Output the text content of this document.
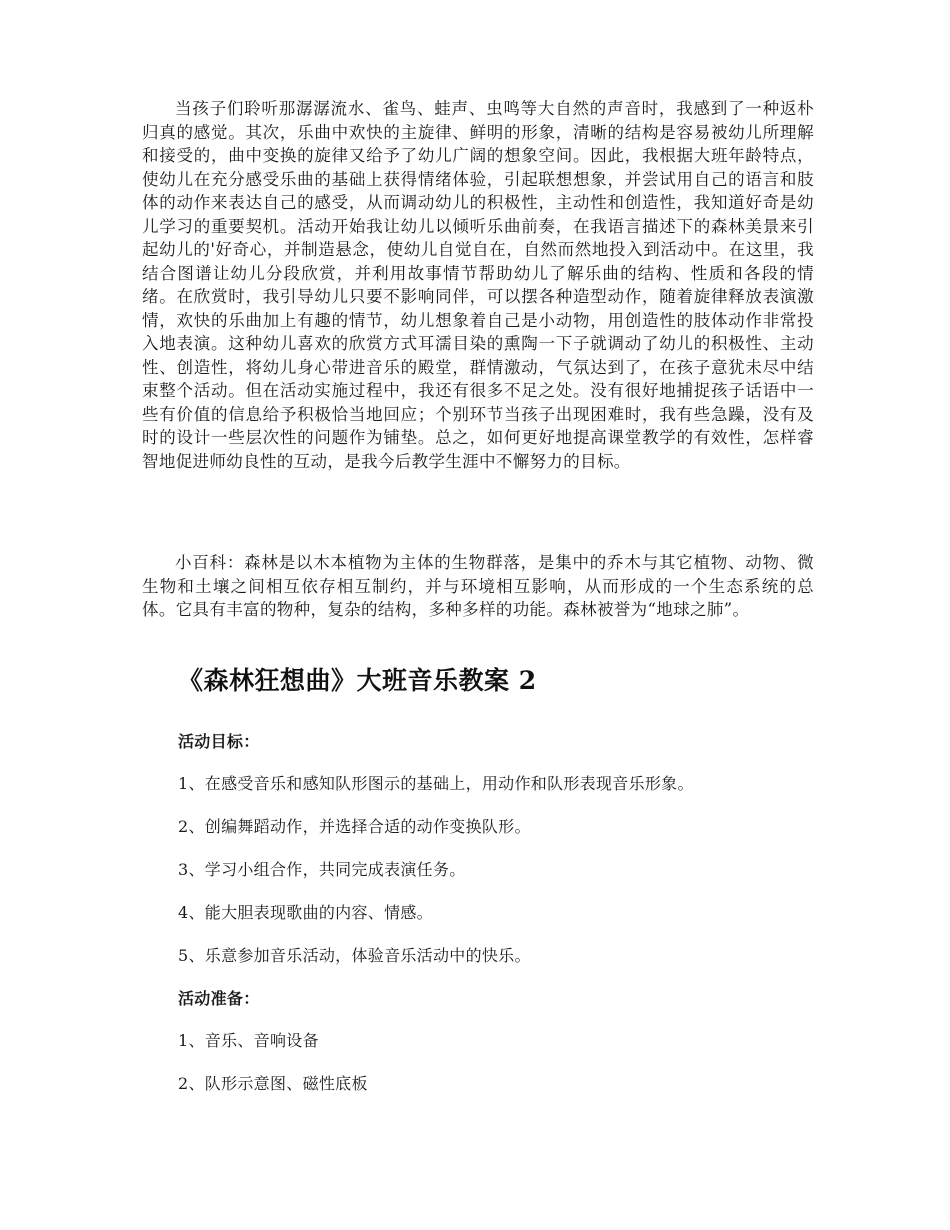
当孩子们聆听那潺潺流水、雀鸟、蛙声、虫鸣等大自然的声音时，我感到了一种返朴归真的感觉。其次，乐曲中欢快的主旋律、鲜明的形象，清晰的结构是容易被幼儿所理解和接受的，曲中变换的旋律又给予了幼儿广阔的想象空间。因此，我根据大班年龄特点，使幼儿在充分感受乐曲的基础上获得情绪体验，引起联想想象，并尝试用自己的语言和肢体的动作来表达自己的感受，从而调动幼儿的积极性，主动性和创造性，我知道好奇是幼儿学习的重要契机。活动开始我让幼儿以倾听乐曲前奏，在我语言描述下的森林美景来引起幼儿的'好奇心，并制造悬念，使幼儿自觉自在，自然而然地投入到活动中。在这里，我结合图谱让幼儿分段欣赏，并利用故事情节帮助幼儿了解乐曲的结构、性质和各段的情绪。在欣赏时，我引导幼儿只要不影响同伴，可以摆各种造型动作，随着旋律释放表演激情，欢快的乐曲加上有趣的情节，幼儿想象着自己是小动物，用创造性的肢体动作非常投入地表演。这种幼儿喜欢的欣赏方式耳濡目染的熏陶一下子就调动了幼儿的积极性、主动性、创造性，将幼儿身心带进音乐的殿堂，群情激动，气氛达到了，在孩子意犹未尽中结束整个活动。但在活动实施过程中，我还有很多不足之处。没有很好地捕捉孩子话语中一些有价值的信息给予积极恰当地回应；个别环节当孩子出现困难时，我有些急躁，没有及时的设计一些层次性的问题作为铺垫。总之，如何更好地提高课堂教学的有效性，怎样睿智地促进师幼良性的互动，是我今后教学生涯中不懈努力的目标。

小百科：森林是以木本植物为主体的生物群落，是集中的乔木与其它植物、动物、微生物和土壤之间相互依存相互制约，并与环境相互影响，从而形成的一个生态系统的总体。它具有丰富的物种，复杂的结构，多种多样的功能。森林被誉为“地球之肺”。

《森林狂想曲》大班音乐教案 2

活动目标：

1、在感受音乐和感知队形图示的基础上，用动作和队形表现音乐形象。

2、创编舞蹈动作，并选择合适的动作变换队形。

3、学习小组合作，共同完成表演任务。

4、能大胆表现歌曲的内容、情感。

5、乐意参加音乐活动，体验音乐活动中的快乐。

活动准备：

1、音乐、音响设备

2、队形示意图、磁性底板
